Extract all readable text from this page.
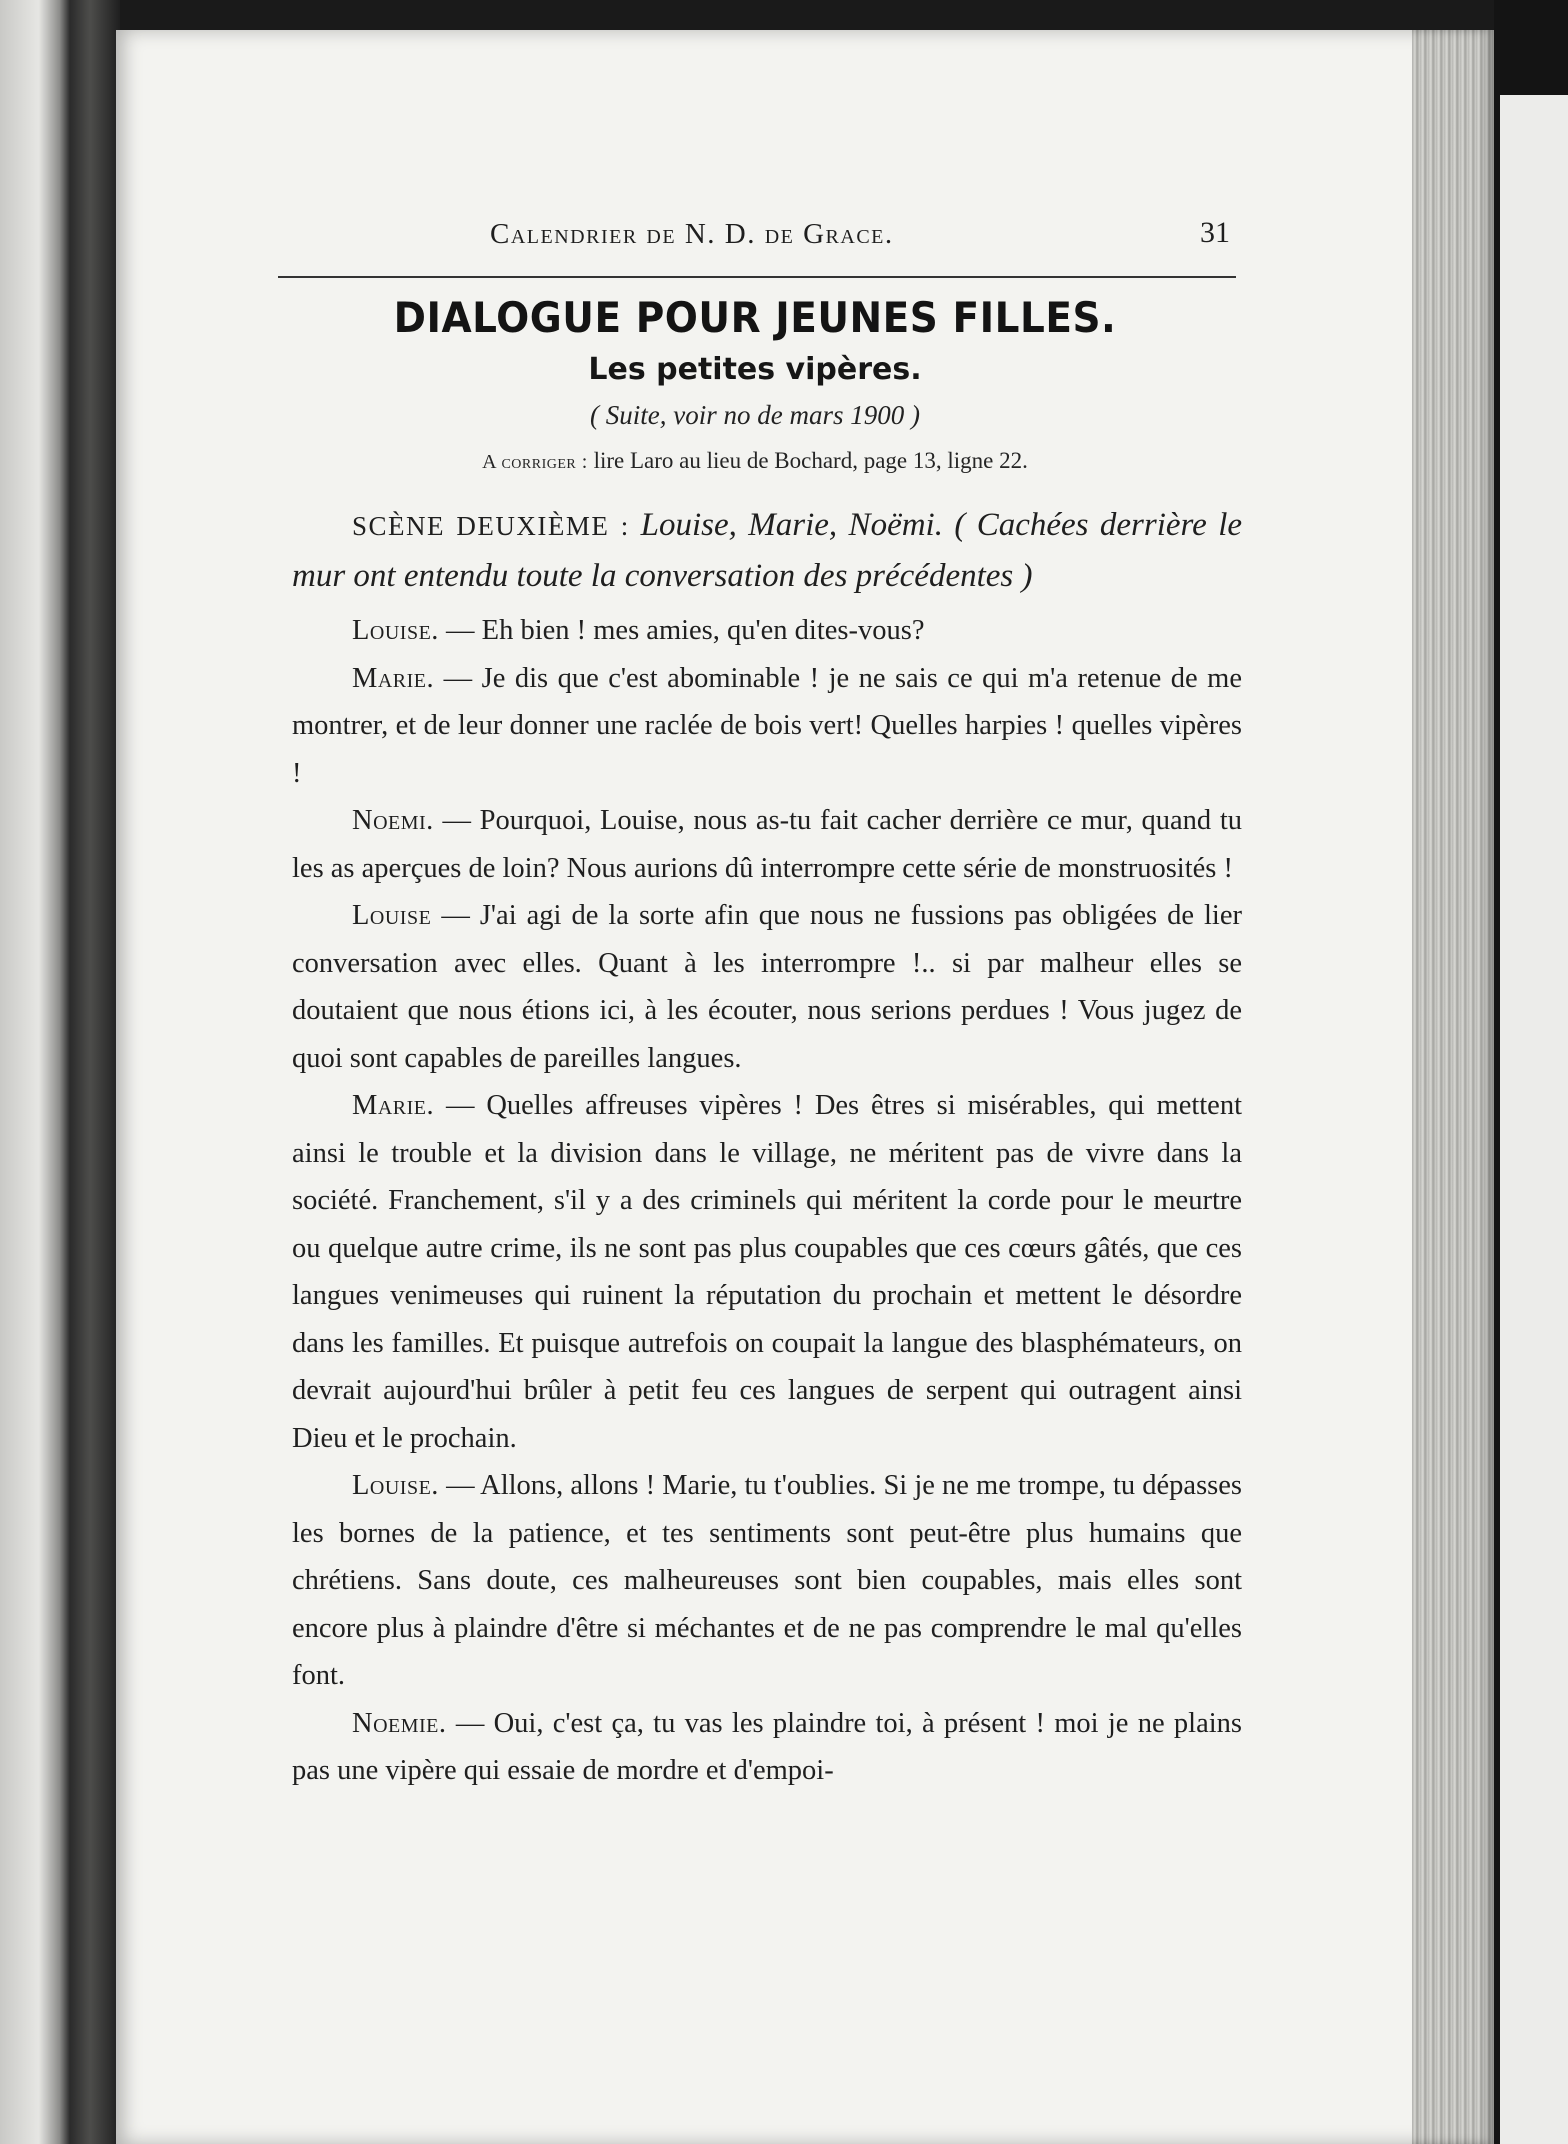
Calendrier de N. D. de Grace.	31
DIALOGUE POUR JEUNES FILLES.
Les petites vipères.
( Suite, voir no de mars 1900 )
A corriger : lire Laro au lieu de Bochard, page 13, ligne 22.

SCÈNE DEUXIÈME : Louise, Marie, Noëmi. ( Cachées derrière le mur ont entendu toute la conversation des précédentes )

Louise. — Eh bien ! mes amies, qu'en dites-vous?

Marie. — Je dis que c'est abominable ! je ne sais ce qui m'a retenue de me montrer, et de leur donner une raclée de bois vert! Quelles harpies ! quelles vipères !

Noemi. — Pourquoi, Louise, nous as-tu fait cacher derrière ce mur, quand tu les as aperçues de loin? Nous aurions dû interrompre cette série de monstruosités !

Louise — J'ai agi de la sorte afin que nous ne fussions pas obligées de lier conversation avec elles. Quant à les interrompre !.. si par malheur elles se doutaient que nous étions ici, à les écouter, nous serions perdues ! Vous jugez de quoi sont capables de pareilles langues.

Marie. — Quelles affreuses vipères ! Des êtres si misérables, qui mettent ainsi le trouble et la division dans le village, ne méritent pas de vivre dans la société. Franchement, s'il y a des criminels qui méritent la corde pour le meurtre ou quelque autre crime, ils ne sont pas plus coupables que ces cœurs gâtés, que ces langues venimeuses qui ruinent la réputation du prochain et mettent le désordre dans les familles. Et puisque autrefois on coupait la langue des blasphémateurs, on devrait aujourd'hui brûler à petit feu ces langues de serpent qui outragent ainsi Dieu et le prochain.

Louise. — Allons, allons ! Marie, tu t'oublies. Si je ne me trompe, tu dépasses les bornes de la patience, et tes sentiments sont peut-être plus humains que chrétiens. Sans doute, ces malheureuses sont bien coupables, mais elles sont encore plus à plaindre d'être si méchantes et de ne pas comprendre le mal qu'elles font.

Noemie. — Oui, c'est ça, tu vas les plaindre toi, à présent ! moi je ne plains pas une vipère qui essaie de mordre et d'empoi-
